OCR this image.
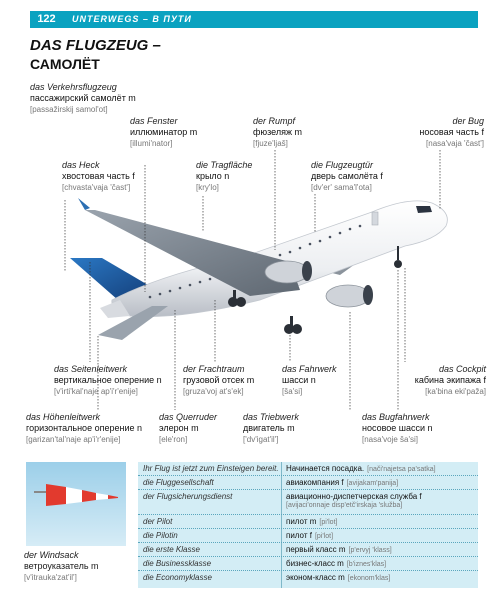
122	UNTERWEGS – В ПУТИ
DAS FLUGZEUG –
САМОЛЁТ
das Verkehrsflugzeug
пассажирский самолёт m
[passažirskij samol'ot]
das Fenster
иллюминатор m
[illumi'nator]
der Rumpf
фюзеляж m
[fjuze'ljaš]
der Bug
носовая часть f
[nasa'vaja 'čast']
das Heck
хвостовая часть f
[chvasta'vaja 'čast']
die Tragfläche
крыло n
[kry'lo]
die Flugzeugtür
дверь самолёта f
[dv'er' sama'l'ota]
das Seitenleitwerk
вертикальное оперение n
[v'irti'kal'naje ap'i'r'enije]
der Frachtraum
грузовой отсек m
[gruza'voj at's'ek]
das Fahrwerk
шасси n
[ša'si]
das Cockpit
кабина экипажа f
[ka'bina eki'paža]
das Höhenleitwerk
горизонтальное оперение n
[garizan'tal'naje ap'i'r'enije]
das Querruder
элерон m
[ele'ron]
das Triebwerk
двигатель m
['dv'igat'il']
das Bugfahrwerk
носовое шасси n
[nasa'voje ša'si]
der Windsack
ветроуказатель m
[v'itrauka'zat'il']
Ihr Flug ist jetzt zum Einsteigen bereit. Начинается посадка. [nači'najetsa pa'satka]
die Fluggesellschaft	авиакомпания f [avijakam'panija]
der Flugsicherungsdienst	авиационно-диспетчерская служба f
[avijaci'onnaje disp'etč'irskaja 'služba]
der Pilot	пилот m [pi'lot]
die Pilotin	пилот f [pi'lot]
die erste Klasse	первый класс m [p'ervyj 'klass]
die Businessklasse	бизнес-класс m [b'iznes'klas]
die Economyklasse	эконом-класс m [ekonom'klas]
